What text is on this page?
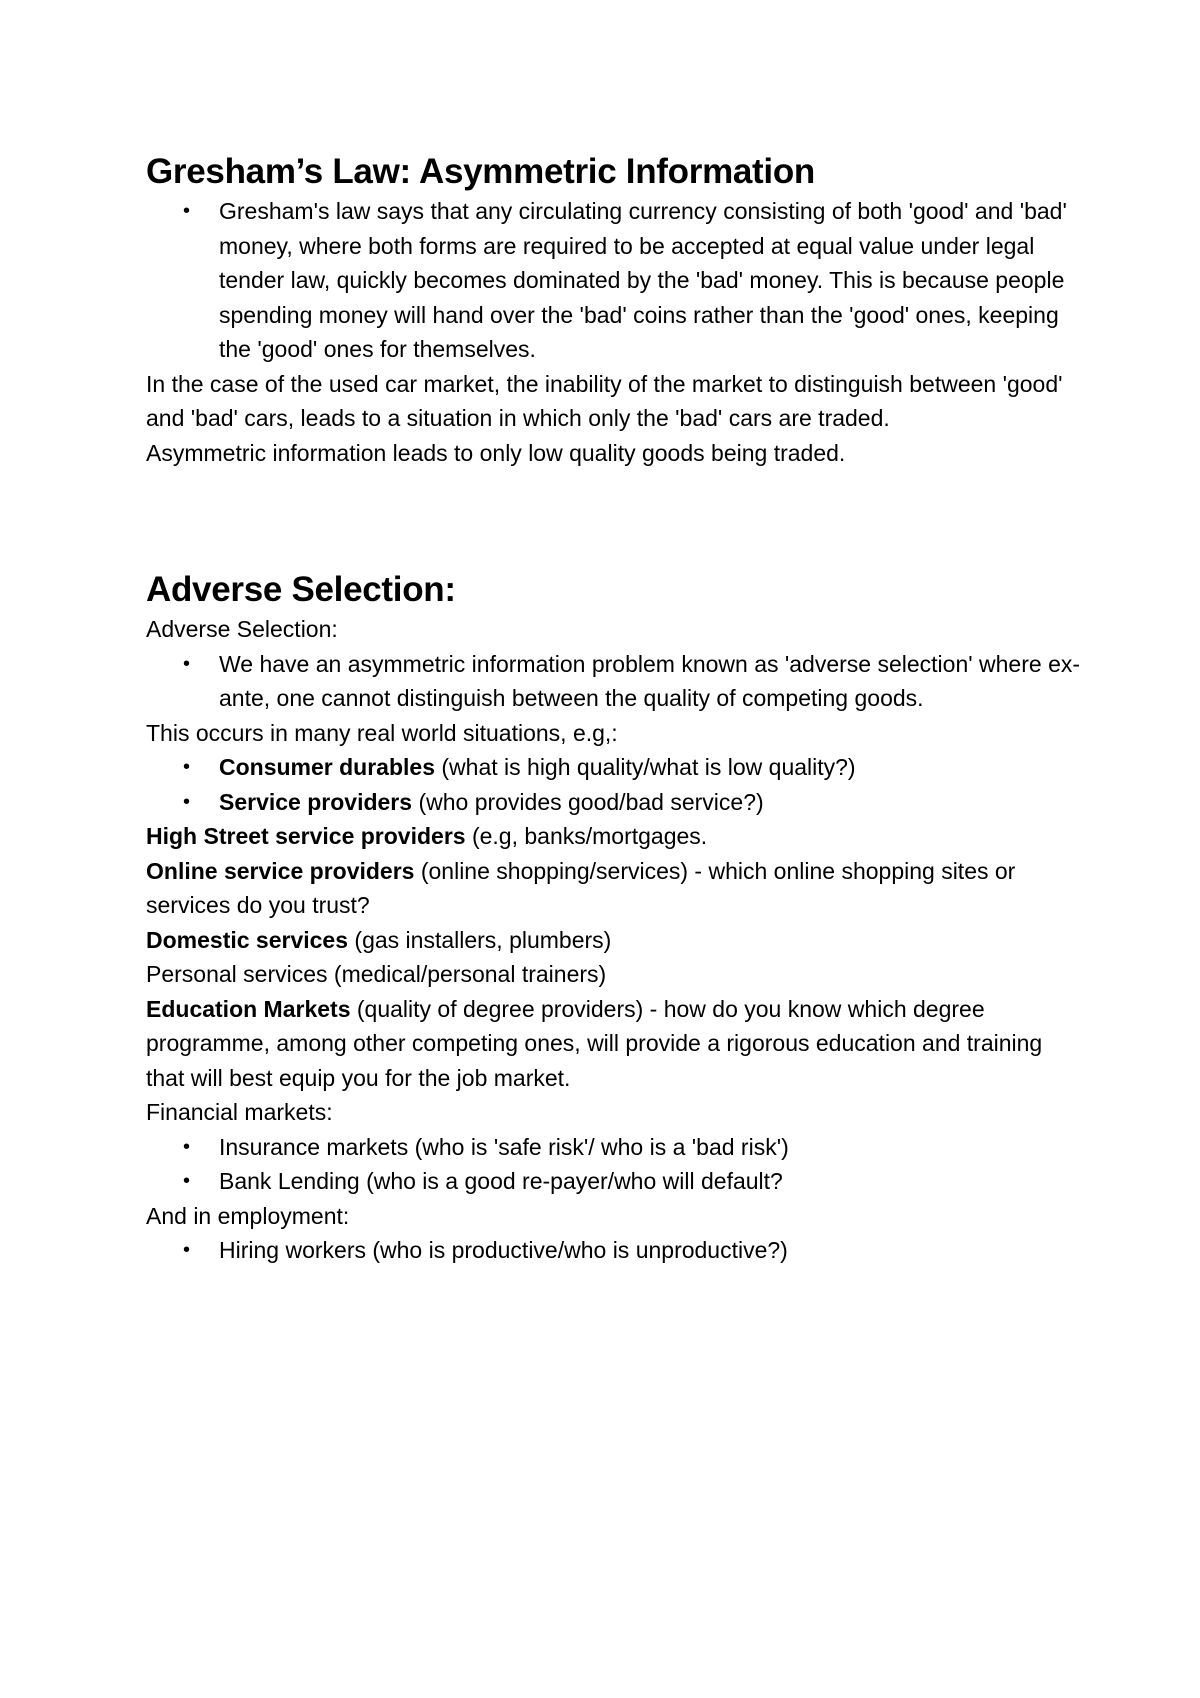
Gresham’s Law: Asymmetric Information
• Gresham's law says that any circulating currency consisting of both 'good' and 'bad' money, where both forms are required to be accepted at equal value under legal tender law, quickly becomes dominated by the 'bad' money. This is because people spending money will hand over the 'bad' coins rather than the 'good' ones, keeping the 'good' ones for themselves.

In the case of the used car market, the inability of the market to distinguish between 'good' and 'bad' cars, leads to a situation in which only the 'bad' cars are traded.

Asymmetric information leads to only low quality goods being traded.

Adverse Selection:

Adverse Selection:

• We have an asymmetric information problem known as 'adverse selection' where ex-ante, one cannot distinguish between the quality of competing goods.

This occurs in many real world situations, e.g,:

• Consumer durables (what is high quality/what is low quality?)
• Service providers (who provides good/bad service?)

High Street service providers (e.g, banks/mortgages.

Online service providers (online shopping/services) - which online shopping sites or services do you trust?

Domestic services (gas installers, plumbers)

Personal services (medical/personal trainers)

Education Markets (quality of degree providers) - how do you know which degree programme, among other competing ones, will provide a rigorous education and training that will best equip you for the job market.

Financial markets:

• Insurance markets (who is 'safe risk'/ who is a 'bad risk')
• Bank Lending (who is a good re-payer/who will default?

And in employment:

• Hiring workers (who is productive/who is unproductive?)
